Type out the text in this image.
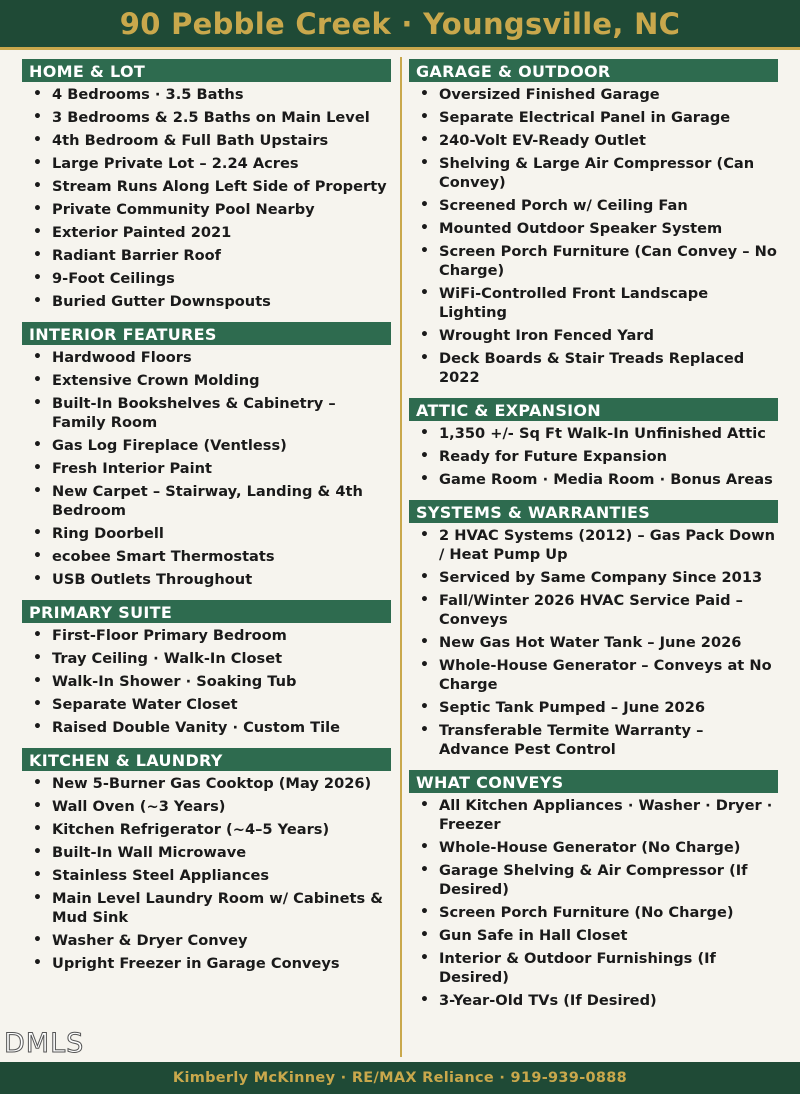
90 Pebble Creek · Youngsville, NC
HOME & LOT
• 4 Bedrooms · 3.5 Baths
• 3 Bedrooms & 2.5 Baths on Main Level
• 4th Bedroom & Full Bath Upstairs
• Large Private Lot – 2.24 Acres
• Stream Runs Along Left Side of Property
• Private Community Pool Nearby
• Exterior Painted 2021
• Radiant Barrier Roof
• 9-Foot Ceilings
• Buried Gutter Downspouts
INTERIOR FEATURES
• Hardwood Floors
• Extensive Crown Molding
• Built-In Bookshelves & Cabinetry – Family Room
• Gas Log Fireplace (Ventless)
• Fresh Interior Paint
• New Carpet – Stairway, Landing & 4th Bedroom
• Ring Doorbell
• ecobee Smart Thermostats
• USB Outlets Throughout
PRIMARY SUITE
• First-Floor Primary Bedroom
• Tray Ceiling · Walk-In Closet
• Walk-In Shower · Soaking Tub
• Separate Water Closet
• Raised Double Vanity · Custom Tile
KITCHEN & LAUNDRY
• New 5-Burner Gas Cooktop (May 2026)
• Wall Oven (~3 Years)
• Kitchen Refrigerator (~4–5 Years)
• Built-In Wall Microwave
• Stainless Steel Appliances
• Main Level Laundry Room w/ Cabinets & Mud Sink
• Washer & Dryer Convey
• Upright Freezer in Garage Conveys
GARAGE & OUTDOOR
• Oversized Finished Garage
• Separate Electrical Panel in Garage
• 240-Volt EV-Ready Outlet
• Shelving & Large Air Compressor (Can Convey)
• Screened Porch w/ Ceiling Fan
• Mounted Outdoor Speaker System
• Screen Porch Furniture (Can Convey – No Charge)
• WiFi-Controlled Front Landscape Lighting
• Wrought Iron Fenced Yard
• Deck Boards & Stair Treads Replaced 2022
ATTIC & EXPANSION
• 1,350 +/- Sq Ft Walk-In Unfinished Attic
• Ready for Future Expansion
• Game Room · Media Room · Bonus Areas
SYSTEMS & WARRANTIES
• 2 HVAC Systems (2012) – Gas Pack Down / Heat Pump Up
• Serviced by Same Company Since 2013
• Fall/Winter 2026 HVAC Service Paid – Conveys
• New Gas Hot Water Tank – June 2026
• Whole-House Generator – Conveys at No Charge
• Septic Tank Pumped – June 2026
• Transferable Termite Warranty – Advance Pest Control
WHAT CONVEYS
• All Kitchen Appliances · Washer · Dryer · Freezer
• Whole-House Generator (No Charge)
• Garage Shelving & Air Compressor (If Desired)
• Screen Porch Furniture (No Charge)
• Gun Safe in Hall Closet
• Interior & Outdoor Furnishings (If Desired)
• 3-Year-Old TVs (If Desired)
DMLS
Kimberly McKinney · RE/MAX Reliance · 919-939-0888
